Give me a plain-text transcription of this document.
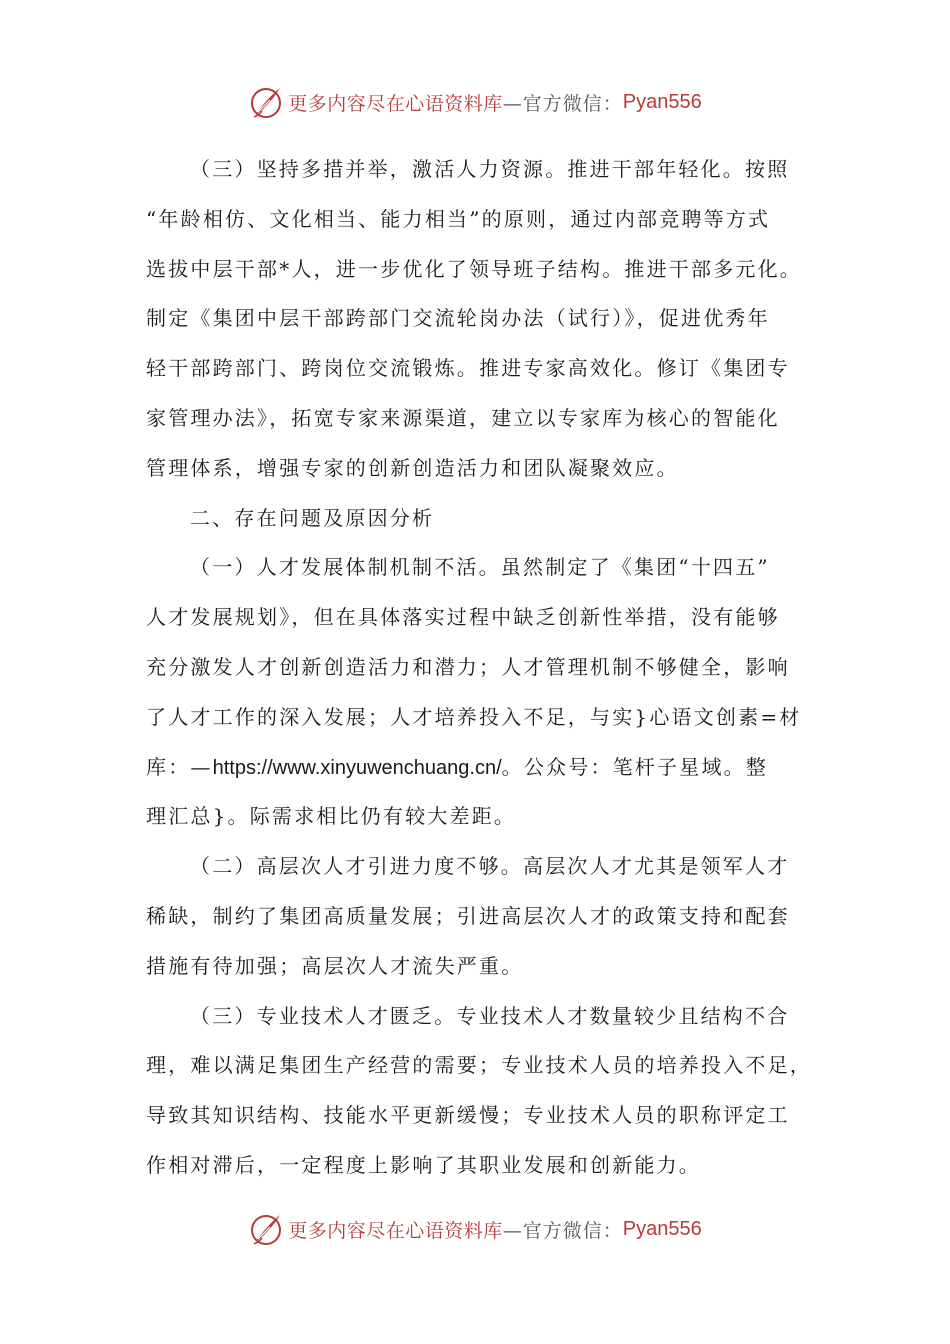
更多内容尽在心语资料库 —官方微信： Pyan556
（三）坚持多措并举，激活人力资源。推进干部年轻化。按照
“年龄相仿、文化相当、能力相当”的原则，通过内部竞聘等方式
选拔中层干部*人，进一步优化了领导班子结构。推进干部多元化。
制定《集团中层干部跨部门交流轮岗办法（试行）》，促进优秀年
轻干部跨部门、跨岗位交流锻炼。推进专家高效化。修订《集团专
家管理办法》，拓宽专家来源渠道，建立以专家库为核心的智能化
管理体系，增强专家的创新创造活力和团队凝聚效应。
二、存在问题及原因分析
（一）人才发展体制机制不活。虽然制定了《集团“十四五”
人才发展规划》，但在具体落实过程中缺乏创新性举措，没有能够
充分激发人才创新创造活力和潜力；人才管理机制不够健全，影响
了人才工作的深入发展；人才培养投入不足，与实}心语文创素=材
库：—https://www.xinyuwenchuang.cn/。公众号：笔杆子星域。整
理汇总}。际需求相比仍有较大差距。
（二）高层次人才引进力度不够。高层次人才尤其是领军人才
稀缺，制约了集团高质量发展；引进高层次人才的政策支持和配套
措施有待加强；高层次人才流失严重。
（三）专业技术人才匮乏。专业技术人才数量较少且结构不合
理，难以满足集团生产经营的需要；专业技术人员的培养投入不足，
导致其知识结构、技能水平更新缓慢；专业技术人员的职称评定工
作相对滞后，一定程度上影响了其职业发展和创新能力。
更多内容尽在心语资料库 —官方微信： Pyan556
